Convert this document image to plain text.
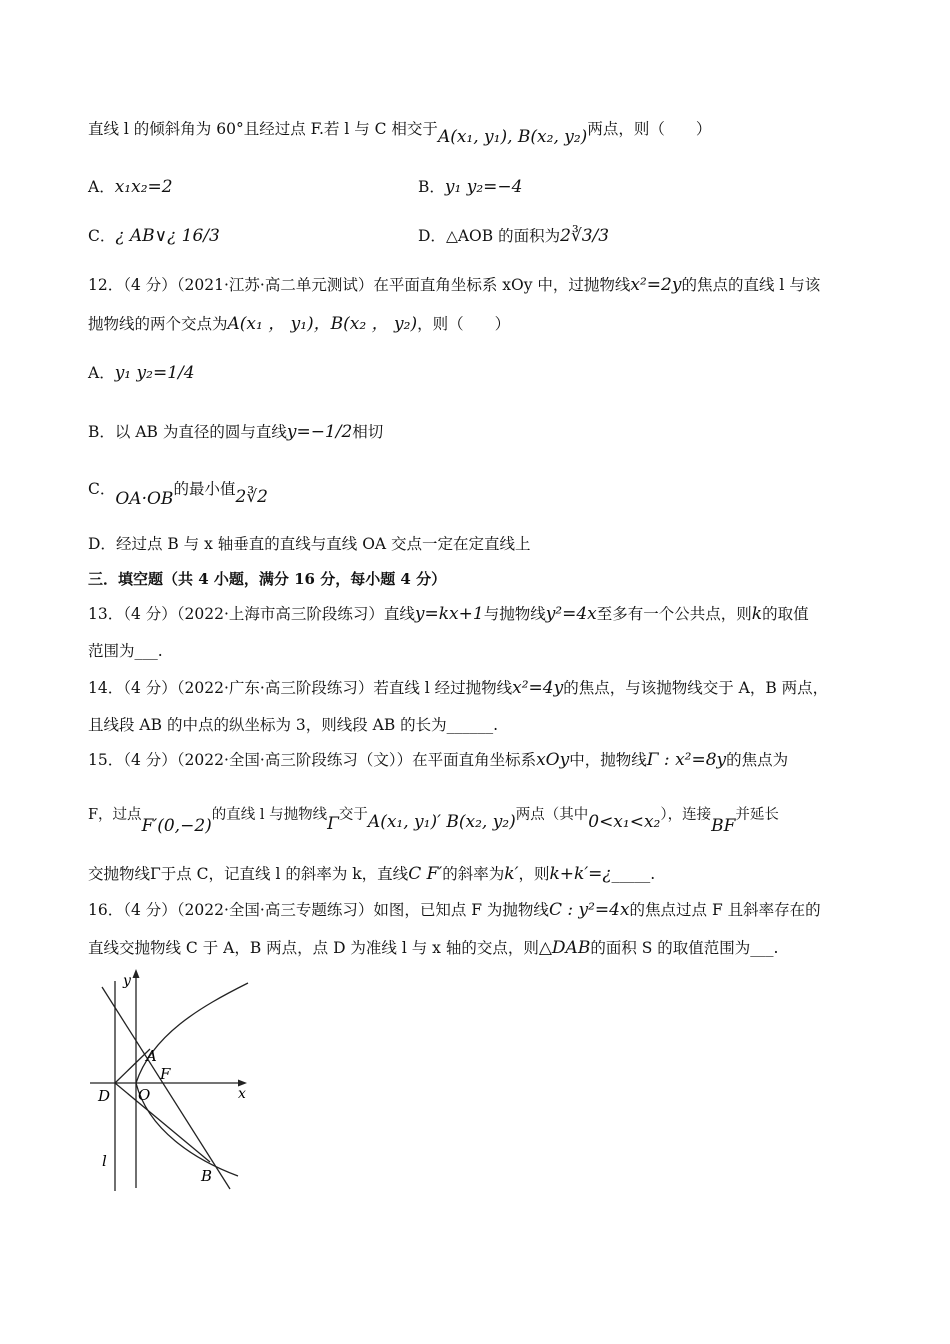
直线 l 的倾斜角为 60°且经过点 F.若 l 与 C 相交于A(x₁, y₁), B(x₂, y₂)两点，则（　　）
A．x₁x₂=2	B．y₁ y₂=−4
C．¿ AB∨¿ 16/3	D．△AOB 的面积为2∛3/3
12．（4 分）（2021·江苏·高二单元测试）在平面直角坐标系 xOy 中，过抛物线x²=2y的焦点的直线 l 与该
抛物线的两个交点为A(x₁ ， y₁)，B(x₂ ， y₂)，则（　　）
A．y₁ y₂=1/4
B．以 AB 为直径的圆与直线y=−1/2相切
C．OA·OB的最小值2∛2
D．经过点 B 与 x 轴垂直的直线与直线 OA 交点一定在定直线上
三．填空题（共 4 小题，满分 16 分，每小题 4 分）
13．（4 分）（2022·上海市高三阶段练习）直线y=kx+1与抛物线y²=4x至多有一个公共点，则k的取值
范围为___.
14．（4 分）（2022·广东·高三阶段练习）若直线 l 经过抛物线x²=4y的焦点，与该抛物线交于 A，B 两点，
且线段 AB 的中点的纵坐标为 3，则线段 AB 的长为______.
15．（4 分）（2022·全国·高三阶段练习（文））在平面直角坐标系xOy中，抛物线Γ : x²=8y的焦点为
F，过点F′(0,−2)的直线 l 与抛物线Γ交于A(x₁, y₁)′ B(x₂, y₂)两点（其中0<x₁<x₂），连接BF并延长
交抛物线Γ于点 C，记直线 l 的斜率为 k，直线C F′的斜率为k′，则k+k′=¿_____.
16．（4 分）（2022·全国·高三专题练习）如图，已知点 F 为抛物线C : y²=4x的焦点过点 F 且斜率存在的
直线交抛物线 C 于 A，B 两点，点 D 为准线 l 与 x 轴的交点，则△DAB的面积 S 的取值范围为___.
y
x
A
F
D O
l
B
